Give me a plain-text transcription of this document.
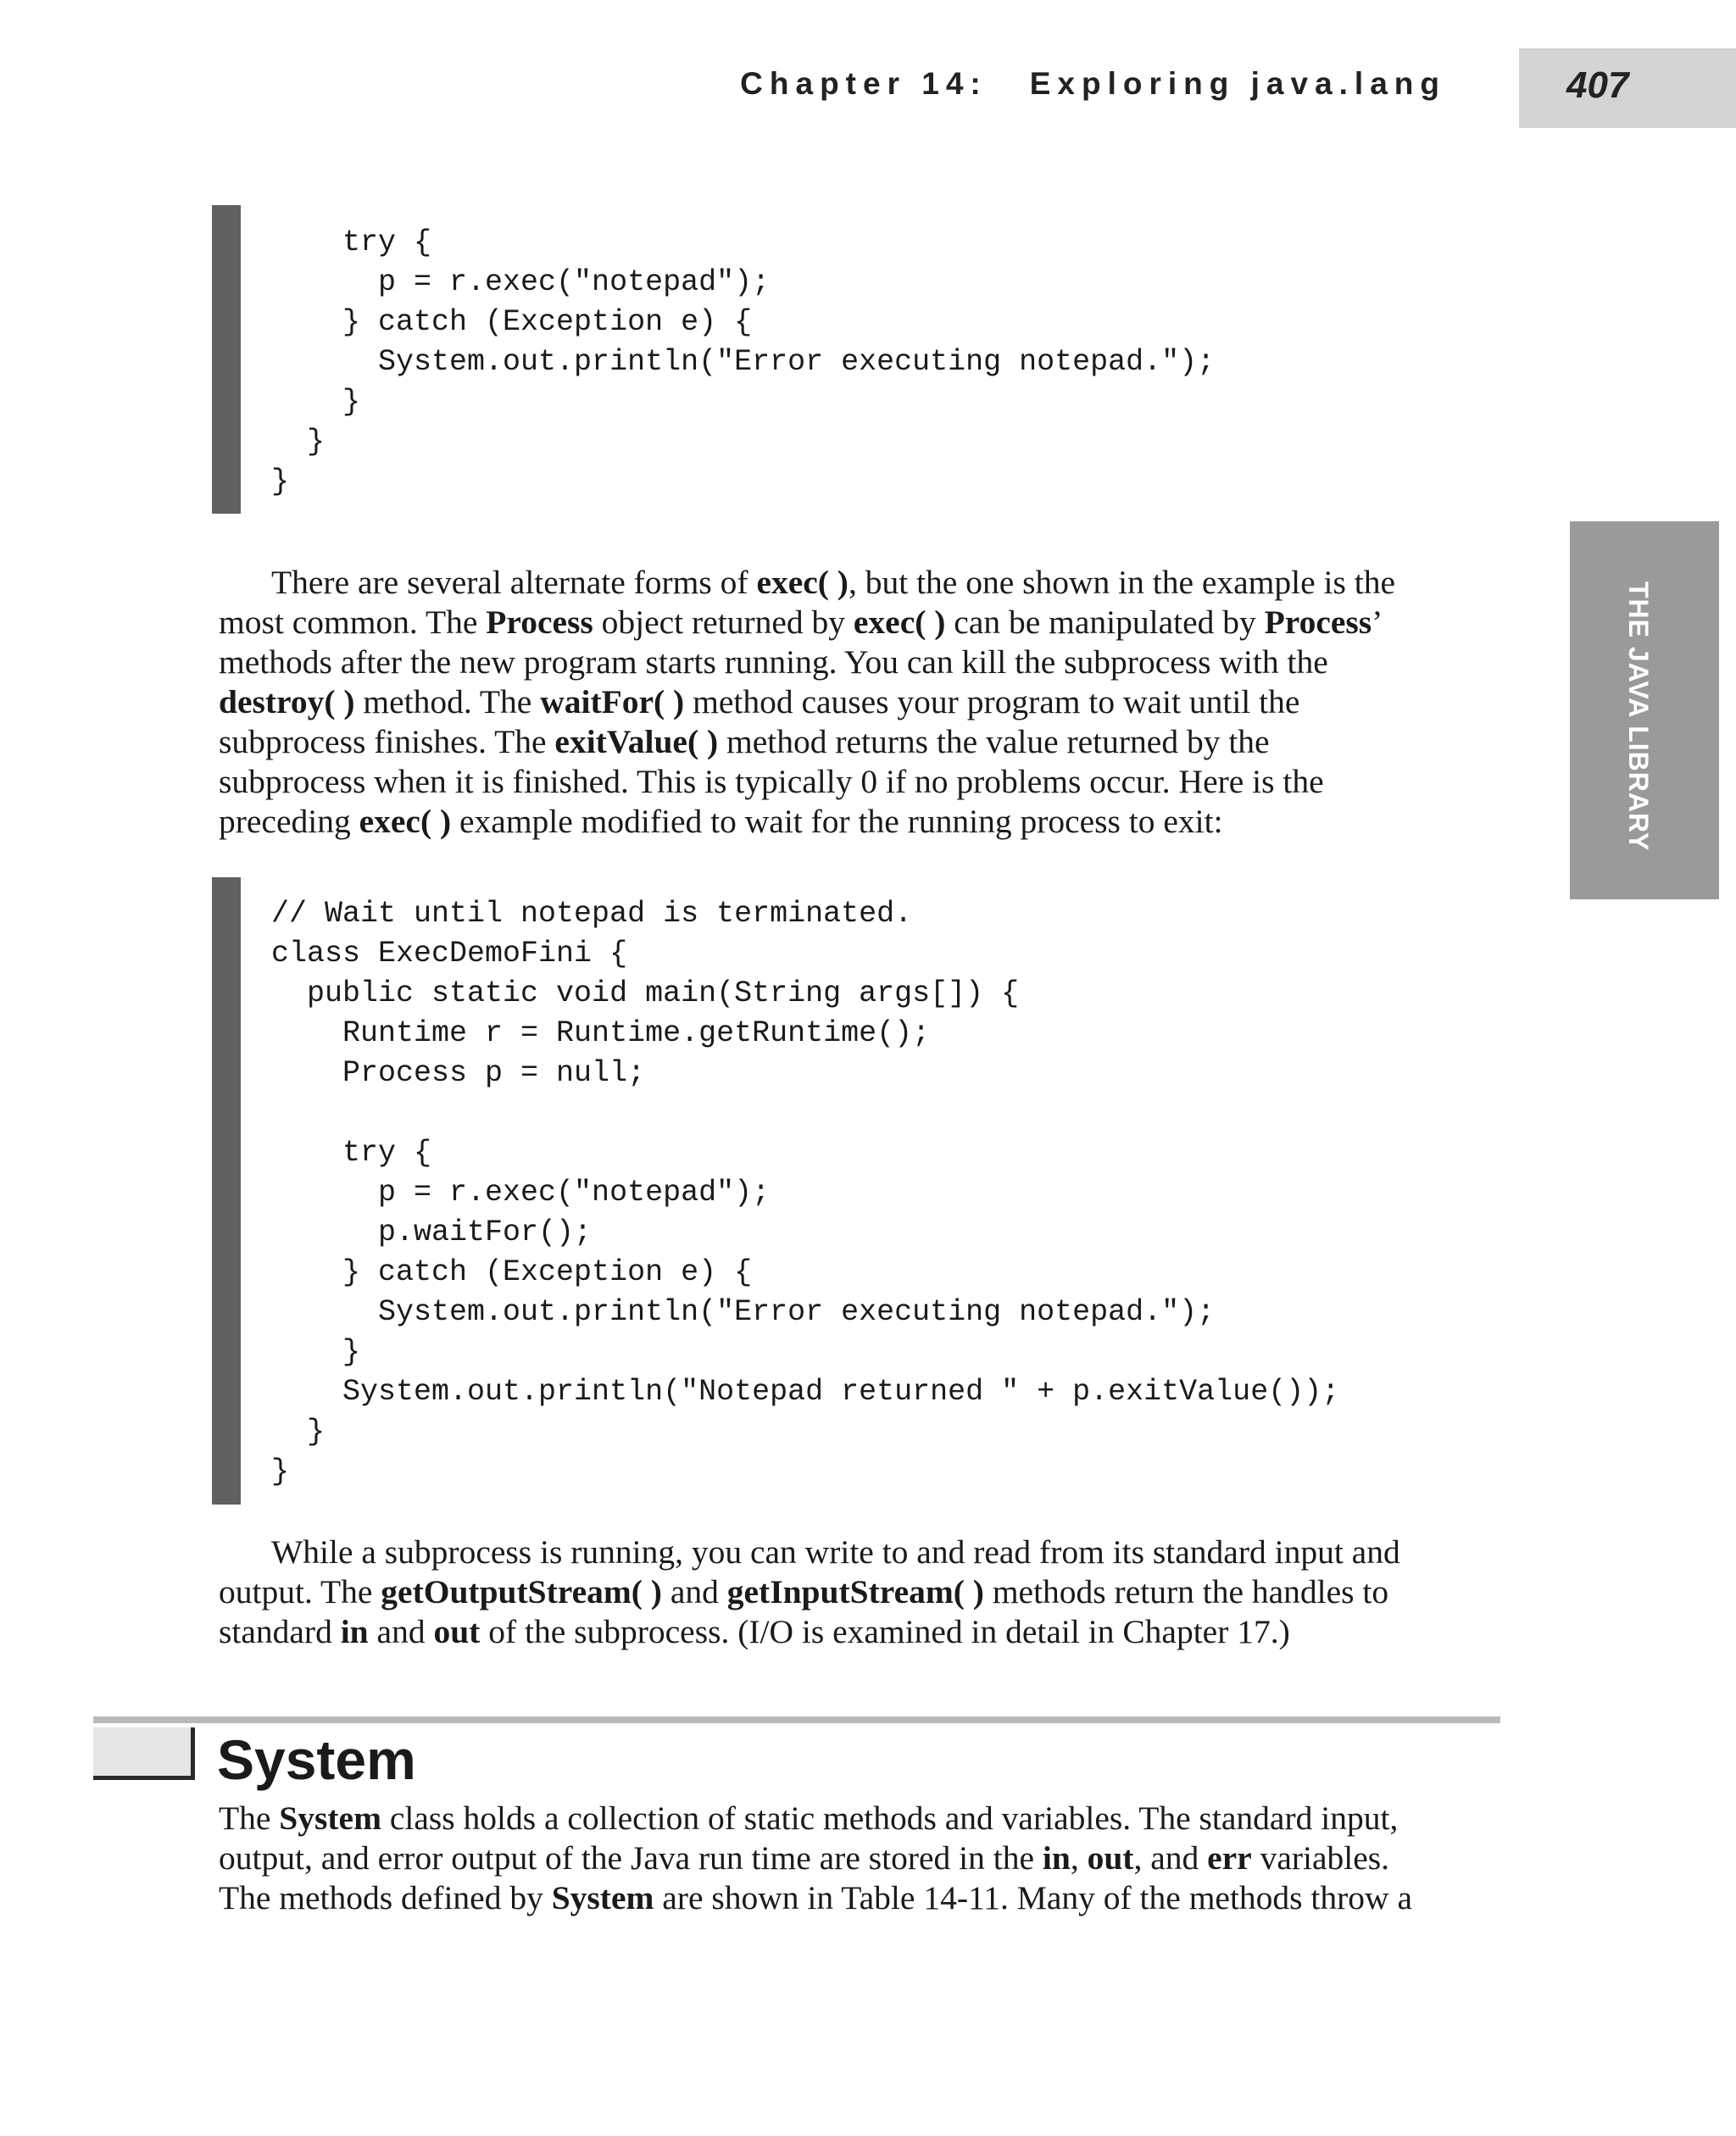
Chapter 14: Exploring java.lang	407
THE JAVA LIBRARY
try {
p = r.exec("notepad");
} catch (Exception e) {
System.out.println("Error executing notepad.");
}
}
}

There are several alternate forms of exec( ), but the one shown in the example is the
most common. The Process object returned by exec( ) can be manipulated by Process’
methods after the new program starts running. You can kill the subprocess with the
destroy( ) method. The waitFor( ) method causes your program to wait until the
subprocess finishes. The exitValue( ) method returns the value returned by the
subprocess when it is finished. This is typically 0 if no problems occur. Here is the
preceding exec( ) example modified to wait for the running process to exit:

// Wait until notepad is terminated.
class ExecDemoFini {
public static void main(String args[]) {
Runtime r = Runtime.getRuntime();
Process p = null;
try {
p = r.exec("notepad");
p.waitFor();
} catch (Exception e) {
System.out.println("Error executing notepad.");
}
System.out.println("Notepad returned " + p.exitValue());
}
}

While a subprocess is running, you can write to and read from its standard input and
output. The getOutputStream( ) and getInputStream( ) methods return the handles to
standard in and out of the subprocess. (I/O is examined in detail in Chapter 17.)

System

The System class holds a collection of static methods and variables. The standard input,
output, and error output of the Java run time are stored in the in, out, and err variables.
The methods defined by System are shown in Table 14-11. Many of the methods throw a
